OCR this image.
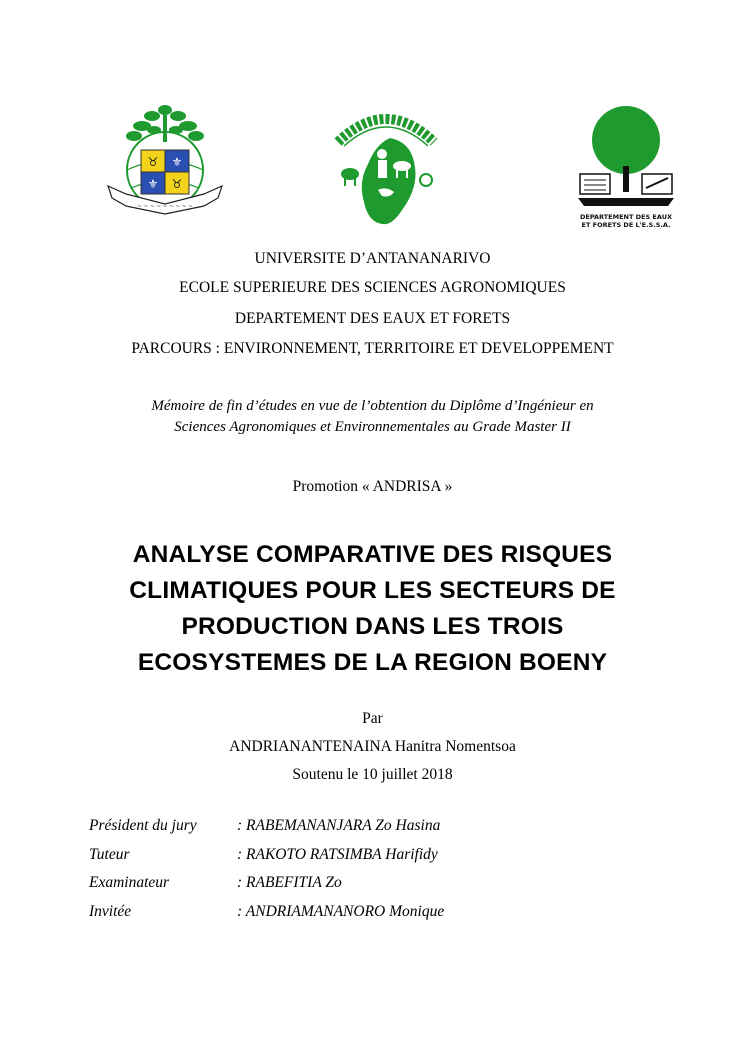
♉ ⚜
⚜ ♉
~ ~ ~ ~ ~ ~ ~ ~ ~
DEPARTEMENT DES EAUX
ET FORETS DE L'E.S.S.A.
UNIVERSITE D’ANTANANARIVO
ECOLE SUPERIEURE DES SCIENCES AGRONOMIQUES
DEPARTEMENT DES EAUX ET FORETS
PARCOURS : ENVIRONNEMENT, TERRITOIRE ET DEVELOPPEMENT
Mémoire de fin d’études en vue de l’obtention du Diplôme d’Ingénieur en
Sciences Agronomiques et Environnementales au Grade Master II
Promotion « ANDRISA »
ANALYSE COMPARATIVE DES RISQUES
CLIMATIQUES POUR LES SECTEURS DE
PRODUCTION DANS LES TROIS
ECOSYSTEMES DE LA REGION BOENY
Par
ANDRIANANTENAINA Hanitra Nomentsoa
Soutenu le 10 juillet 2018
Président du jury	: RABEMANANJARA Zo Hasina
Tuteur	: RAKOTO RATSIMBA Harifidy
Examinateur	: RABEFITIA Zo
Invitée	: ANDRIAMANANORO Monique
